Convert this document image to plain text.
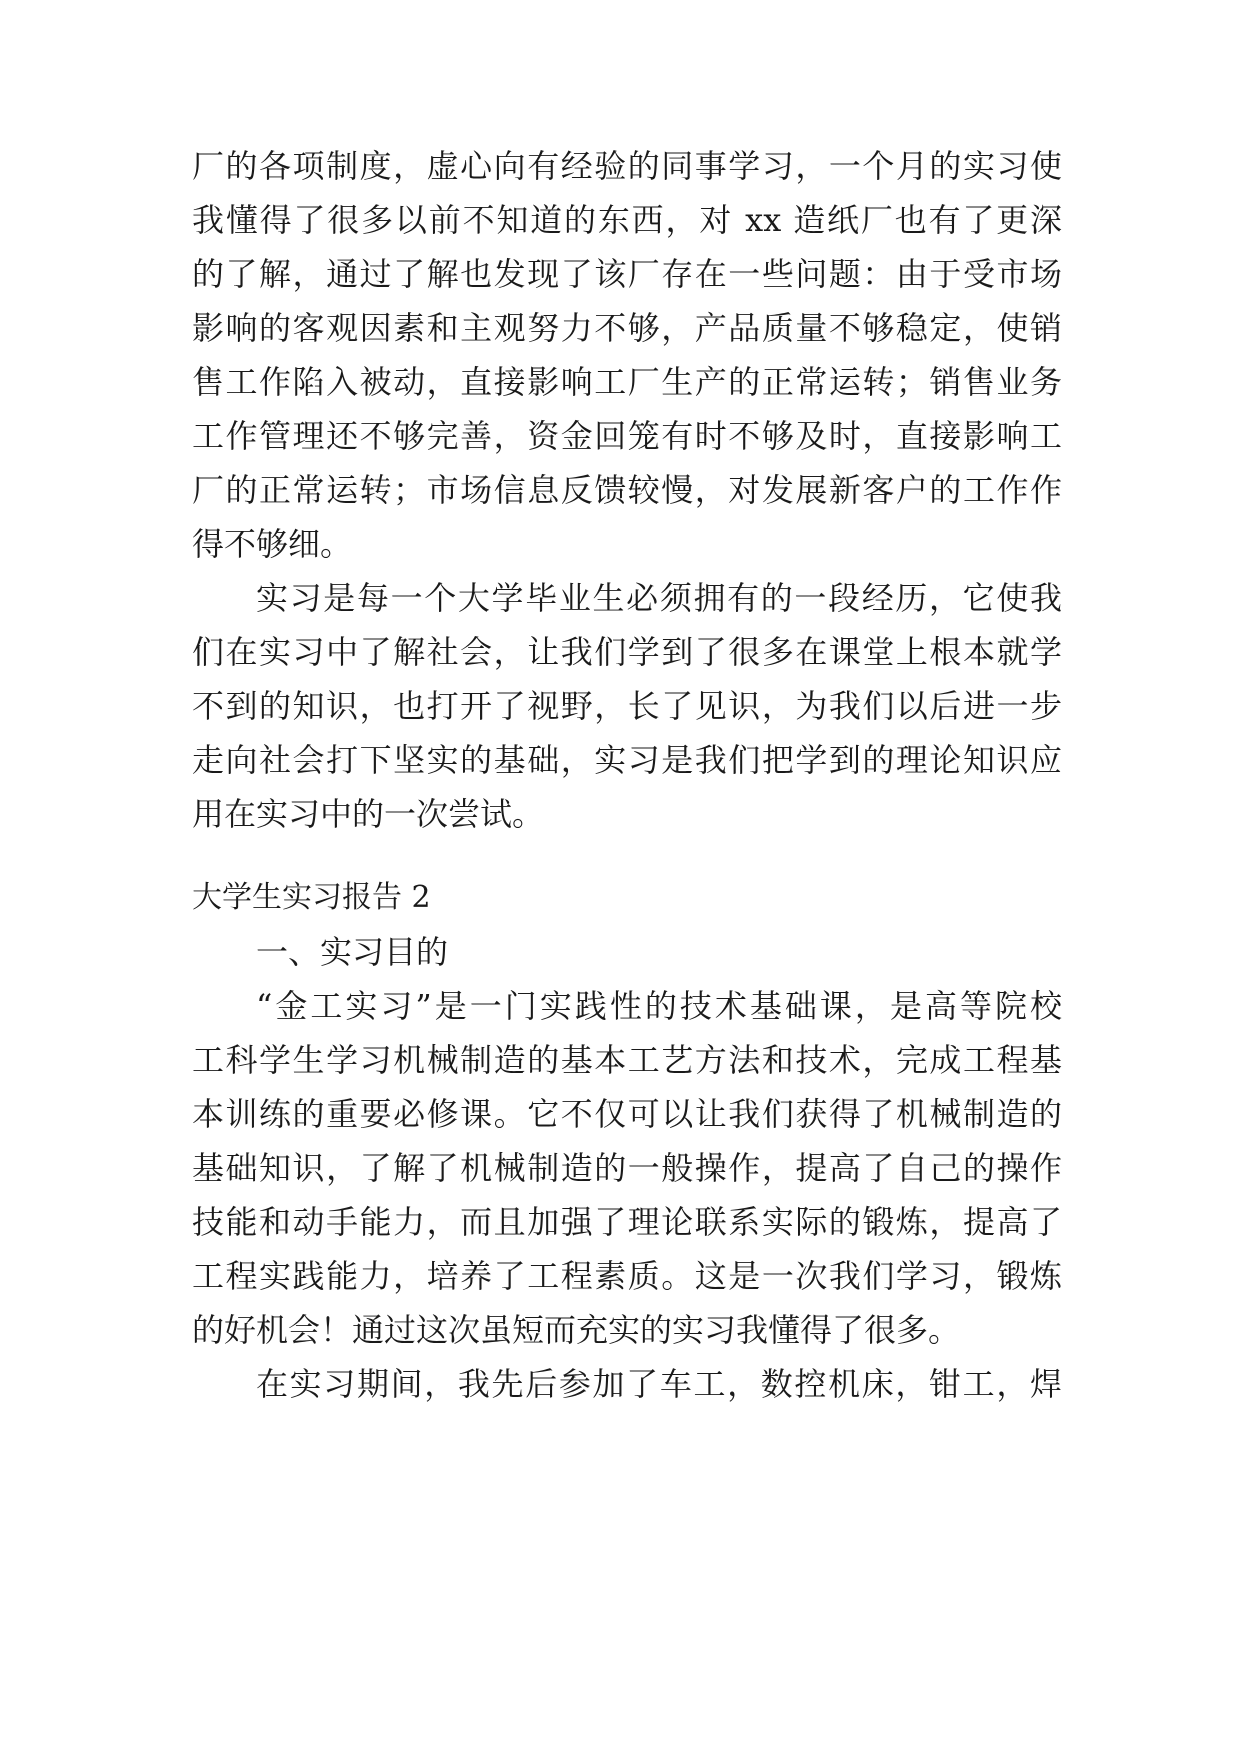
厂的各项制度，虚心向有经验的同事学习，一个月的实习使
我懂得了很多以前不知道的东西，对 xx 造纸厂也有了更深
的了解，通过了解也发现了该厂存在一些问题：由于受市场
影响的客观因素和主观努力不够，产品质量不够稳定，使销
售工作陷入被动，直接影响工厂生产的正常运转；销售业务
工作管理还不够完善，资金回笼有时不够及时，直接影响工
厂的正常运转；市场信息反馈较慢，对发展新客户的工作作
得不够细。
实习是每一个大学毕业生必须拥有的一段经历，它使我
们在实习中了解社会，让我们学到了很多在课堂上根本就学
不到的知识，也打开了视野，长了见识，为我们以后进一步
走向社会打下坚实的基础，实习是我们把学到的理论知识应
用在实习中的一次尝试。
大学生实习报告 2
一、实习目的
“金工实习”是一门实践性的技术基础课，是高等院校
工科学生学习机械制造的基本工艺方法和技术，完成工程基
本训练的重要必修课。它不仅可以让我们获得了机械制造的
基础知识，了解了机械制造的一般操作，提高了自己的操作
技能和动手能力，而且加强了理论联系实际的锻炼，提高了
工程实践能力，培养了工程素质。这是一次我们学习，锻炼
的好机会！通过这次虽短而充实的实习我懂得了很多。
在实习期间，我先后参加了车工，数控机床，钳工，焊
